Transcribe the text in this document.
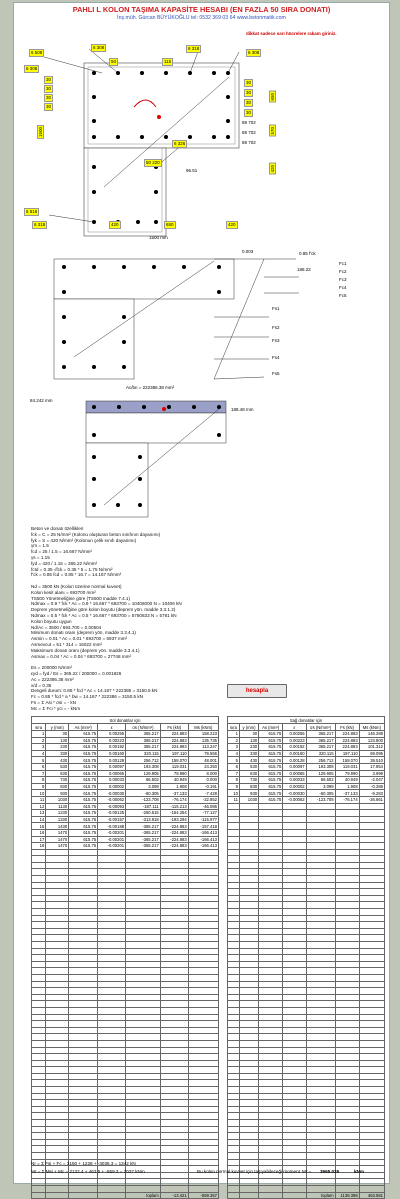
PAHLI L KOLON TAŞIMA KAPASİTE HESABI (EN FAZLA 50 SIRA DONATI)
İnş.müh. Gürcan BÜYÜKOĞLU tel: 0532 369 03 64 www.betonmatik.com
dikkat sadece sarı hücrelere rakam giriniz.
6 508
6 308	6 318
6 308
6 308
50	115
30
30
30
30
30
30
30
30
88 702
88 702
88 702
1500
650
570
420
6 326
50 220
96.51
6 318
6 518
420	650	420
1500 mm
0.003	0.85 f'ck
Fc1
Fc2
Fc3
Fc4
Fc5
Fs1
Fs2
Fs3
Fs4
Fs5
Ac/bn = 222386.38 mm²
188.22
84.242 mm
188.48 mm
Beton ve donatı özellikleri
fck = C = 25 N/mm² (Kolonu oluşturan beton sınıfının dayanımı)
fyk = S = 420 N/mm² (Kolonun çelik sınıfı dayanımı)
γm = 1.5
fcd = 25 / 1.5 = 16.667 N/mm²
γs = 1.15
fyd = 420 / 1.15 = 365.22 N/mm²
fctd = 0.35 √fck = 0.35 * 5 = 1.75 N/mm²
f'ck = 0.85 fcd = 0.85 * 16.7 = 14.167 N/mm²
Nd = 3500 kN (Kolon üzerine normal kuvvet)
Kolon kesit alanı = 693700 mm²
TS500 Yönetmeliğine göre (TS500 madde 7.4.1)
Ndmax = 0.9 * fck * Ac = 0.9 * 16.667 * 693700 = 10406000 N = 10406 kN
Deprem yönetmeliğine göre kolon boyutu (deprem yön. madde 3.3.1.2)
Ndmax = 0.5 * fck * Ac = 0.5 * 16.667 * 693700 = 5780833 N = 5781 kN
Kolon boyutu uygun
Nd/Ac = 3500 / 693.700 = 0.00504
Minimum donatı oranı (deprem yön. madde 3.3.4.1)
Asmin = 0.01 * Ac = 0.01 * 693700 = 6937 mm²
Asmevcut = 51 * 314 = 16022 mm²
Maksimum donatı oranı (deprem yön. madde 3.3.4.1)
Asmax = 0.04 * Ac = 0.04 * 693700 = 27748 mm²
Es = 200000 N/mm²
εyd = fyd / Es = 365.22 / 200000 = 0.001826
Ac = 222386.38 mm²
x/d = 0.35
Dengeli durum: 0.85 * fcd * Ac = 14.167 * 222386 = 3150.5 kN
Fc = 0.85 * fcd * a * bw = 14.167 * 222386 = 3150.5 kN
Fs = Σ Asi * σsi = - kN
Mc = Σ Fci * yci = - kNm
hesapla
Sol donatılar için						
sıra	y (mm)	As (mm²)	ε	σs (N/mm²)	Fs (kN)	Ms (kNm)
1	30	615.75	0.00255	365.217	224.883	158.223
2	130	615.75	0.00223	365.217	224.883	135.735
3	230	615.75	0.00192	365.217	224.883	113.247
4	330	615.75	0.00160	320.115	197.110	79.556
5	430	615.75	0.00128	256.712	158.070	48.001
6	530	615.75	0.00097	193.308	119.031	24.250
7	630	615.75	0.00065	129.905	79.990	8.000
8	730	615.75	0.00033	66.502	40.949	0.000
9	830	615.75	0.00002	3.099	1.908	-0.191
10	930	615.75	-0.00030	-60.305	-37.133	-7.428
11	1030	615.75	-0.00062	-123.708	-76.174	-22.852
12	1130	615.75	-0.00093	-187.111	-115.213	-46.086
13	1230	615.75	-0.00125	-250.515	-154.254	-77.127
14	1330	615.75	-0.00157	-313.918	-193.294	-115.977
15	1430	615.75	-0.00188	-365.217	-224.883	-157.418
16	1470	615.75	-0.00201	-365.217	-224.883	-166.413
17	1470	615.75	-0.00201	-365.217	-224.883	-166.413
18	1470	615.75	-0.00201	-365.217	-224.883	-166.413

				toplam	-13.421	-559.357
Sağ donatılar için						
sıra	y (mm)	As (mm²)	ε	σs (N/mm²)	Fs (kN)	Ms (kNm)
1	30	615.75	0.00255	365.217	224.883	146.288
2	130	615.75	0.00223	365.217	224.883	123.800
3	230	615.75	0.00192	365.217	224.883	101.312
4	330	615.75	0.00160	320.115	197.110	69.095
5	430	615.75	0.00128	256.712	158.070	39.510
6	530	615.75	0.00097	193.308	119.031	17.854
7	630	615.75	0.00065	129.905	79.990	3.999
8	730	615.75	0.00033	66.502	40.949	-2.047
9	830	615.75	0.00002	3.099	1.908	-0.286
10	930	615.75	-0.00030	-60.305	-37.133	-9.283
11	1030	615.75	-0.00062	-123.708	-76.174	-26.661

				toplam	1138.398	463.581
Nr = Σ Fsi + Fc = 3150 + 1228 + -3036.3 = 1342 kN
Mr = Σ Msi + Mc = 2132.4 + 463.5 + -559.3 = 2037 kNm	Bu kolon normal kuvvet için taşıyabileceği moment Mr = 3965.035	kNm
